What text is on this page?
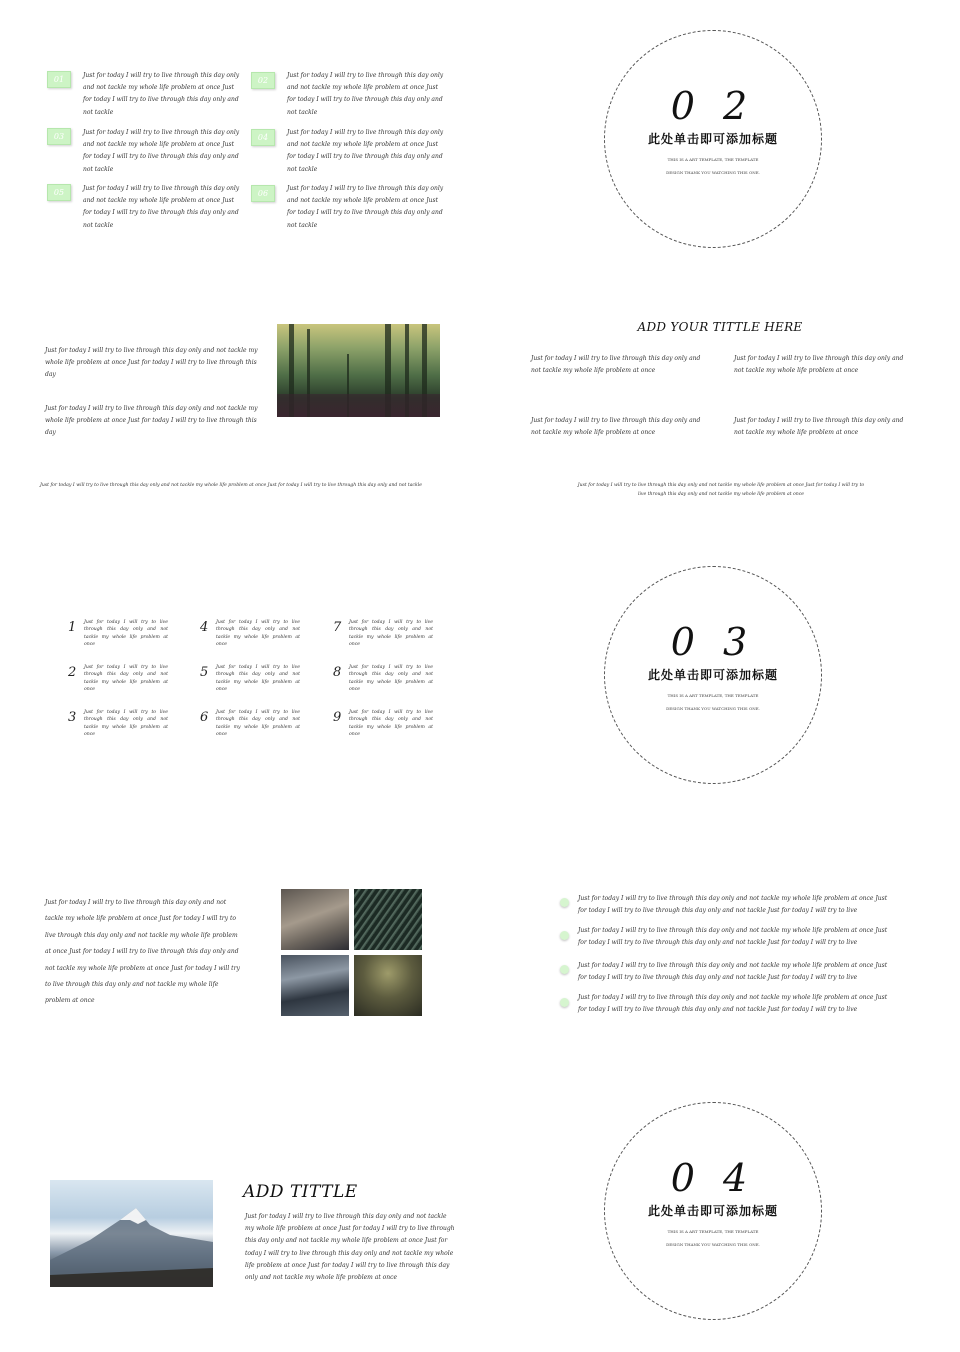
01	Just for today I will try to live through this day only and not tackle my whole life problem at once Just for today I will try to live through this day only and not tackle
02
Just for today I will try to live through this day only and not tackle my whole life problem at once Just for today I will try to live through this day only and not tackle
03	Just for today I will try to live through this day only and not tackle my whole life problem at once Just for today I will try to live through this day only and not tackle
04
Just for today I will try to live through this day only and not tackle my whole life problem at once Just for today I will try to live through this day only and not tackle
05	Just for today I will try to live through this day only and not tackle my whole life problem at once Just for today I will try to live through this day only and not tackle
06
Just for today I will try to live through this day only and not tackle my whole life problem at once Just for today I will try to live through this day only and not tackle
0 2
此处单击即可添加标题
THIS IS A ART TEMPLATE, THE TEMPLATE
DESIGN THANK YOU WATCHING THIS ONE.
Just for today I will try to live through this day only and not tackle my whole life problem at once Just for today I will try to live through this day
Just for today I will try to live through this day only and not tackle my whole life problem at once Just for today I will try to live through this day
Just for today I will try to live through this day only and not tackle my whole life problem at once Just for today I will try to live through this day only and not tackle
ADD YOUR TITTLE HERE
Just for today I will try to live through this day only and not tackle my whole life problem at once
Just for today I will try to live through this day only and not tackle my whole life problem at once
Just for today I will try to live through this day only and not tackle my whole life problem at once
Just for today I will try to live through this day only and not tackle my whole life problem at once
Just for today I will try to live through this day only and not tackle my whole life problem at once Just for today I will try to live through this day only and not tackle my whole life problem at once
1 Just for today I will try to live through this day only and not tackle my whole life problem at once
2 Just for today I will try to live through this day only and not tackle my whole life problem at once
3 Just for today I will try to live through this day only and not tackle my whole life problem at once
4 Just for today I will try to live through this day only and not tackle my whole life problem at once
5 Just for today I will try to live through this day only and not tackle my whole life problem at once
6 Just for today I will try to live through this day only and not tackle my whole life problem at once
7 Just for today I will try to live through this day only and not tackle my whole life problem at once
8 Just for today I will try to live through this day only and not tackle my whole life problem at once
9 Just for today I will try to live through this day only and not tackle my whole life problem at once
0 3
此处单击即可添加标题
THIS IS A ART TEMPLATE, THE TEMPLATE
DESIGN THANK YOU WATCHING THIS ONE.
Just for today I will try to live through this day only and not tackle my whole life problem at once Just for today I will try to live through this day only and not tackle my whole life problem at once Just for today I will try to live through this day only and not tackle my whole life problem at once Just for today I will try to live through this day only and not tackle my whole life problem at once
Just for today I will try to live through this day only and not tackle my whole life problem at once Just for today I will try to live through this day only and not tackle Just for today I will try to live
Just for today I will try to live through this day only and not tackle my whole life problem at once Just for today I will try to live through this day only and not tackle Just for today I will try to live
Just for today I will try to live through this day only and not tackle my whole life problem at once Just for today I will try to live through this day only and not tackle Just for today I will try to live
Just for today I will try to live through this day only and not tackle my whole life problem at once Just for today I will try to live through this day only and not tackle Just for today I will try to live
ADD TITTLE
Just for today I will try to live through this day only and not tackle my whole life problem at once Just for today I will try to live through this day only and not tackle my whole life problem at once Just for today I will try to live through this day only and not tackle my whole life problem at once Just for today I will try to live through this day only and not tackle my whole life problem at once
0 4
此处单击即可添加标题
THIS IS A ART TEMPLATE, THE TEMPLATE
DESIGN THANK YOU WATCHING THIS ONE.
